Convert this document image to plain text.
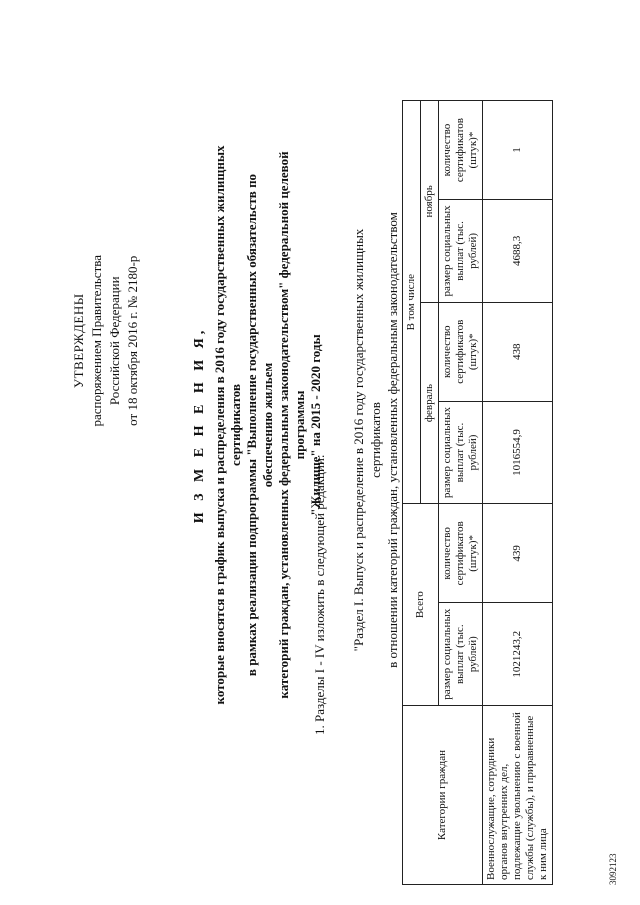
УТВЕРЖДЕНЫ распоряжением Правительства Российской Федерации от 18 октября 2016 г. № 2180-р	И З М Е Н Е Н И Я, которые вносятся в график выпуска и распределения в 2016 году государственных жилищных сертификатов в рамках реализации подпрограммы "Выполнение государственных обязательств по обеспечению жильем категорий граждан, установленных федеральным законодательством" федеральной целевой программы "Жилище" на 2015 - 2020 годы
1. Разделы I - IV изложить в следующей редакции: "Раздел I. Выпуск и распределение в 2016 году государственных жилищных сертификатов в отношении категорий граждан, установленных федеральным законодательством
Категории граждан	Всего		В том числе			
			февраль		ноябрь	
	размер социальных выплат (тыс. рублей)	количество сертификатов (штук)*	размер социальных выплат (тыс. рублей)	количество сертификатов (штук)*	размер социальных выплат (тыс. рублей)	количество сертификатов (штук)*
Военнослужащие, сотрудники органов внутренних дел, подлежащие увольнению с военной службы (службы), и приравненные к ним лица	1021243,2	439	1016554,9	438	4688,3	1
3092123
